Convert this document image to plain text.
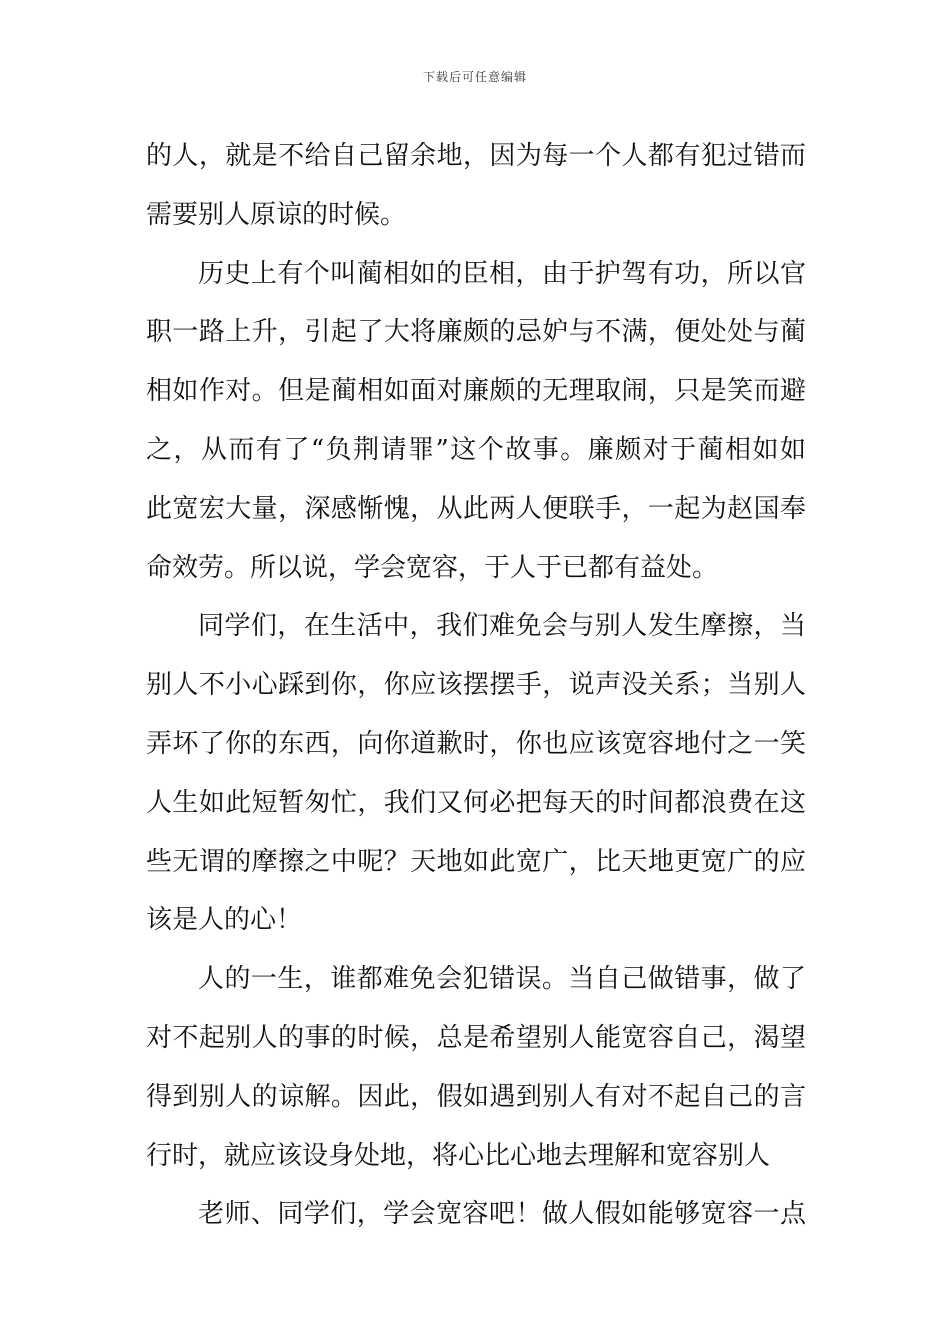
下载后可任意编辑
的人，就是不给自己留余地，因为每一个人都有犯过错而
需要别人原谅的时候。
历史上有个叫蔺相如的臣相，由于护驾有功，所以官
职一路上升，引起了大将廉颇的忌妒与不满，便处处与蔺
相如作对。但是蔺相如面对廉颇的无理取闹，只是笑而避
之，从而有了“负荆请罪”这个故事。廉颇对于蔺相如如
此宽宏大量，深感惭愧，从此两人便联手，一起为赵国奉
命效劳。所以说，学会宽容，于人于已都有益处。
同学们，在生活中，我们难免会与别人发生摩擦，当
别人不小心踩到你，你应该摆摆手，说声没关系；当别人
弄坏了你的东西，向你道歉时，你也应该宽容地付之一笑
人生如此短暂匆忙，我们又何必把每天的时间都浪费在这
些无谓的摩擦之中呢？天地如此宽广，比天地更宽广的应
该是人的心！
人的一生，谁都难免会犯错误。当自己做错事，做了
对不起别人的事的时候，总是希望别人能宽容自己，渴望
得到别人的谅解。因此，假如遇到别人有对不起自己的言
行时，就应该设身处地，将心比心地去理解和宽容别人
老师、同学们，学会宽容吧！做人假如能够宽容一点
